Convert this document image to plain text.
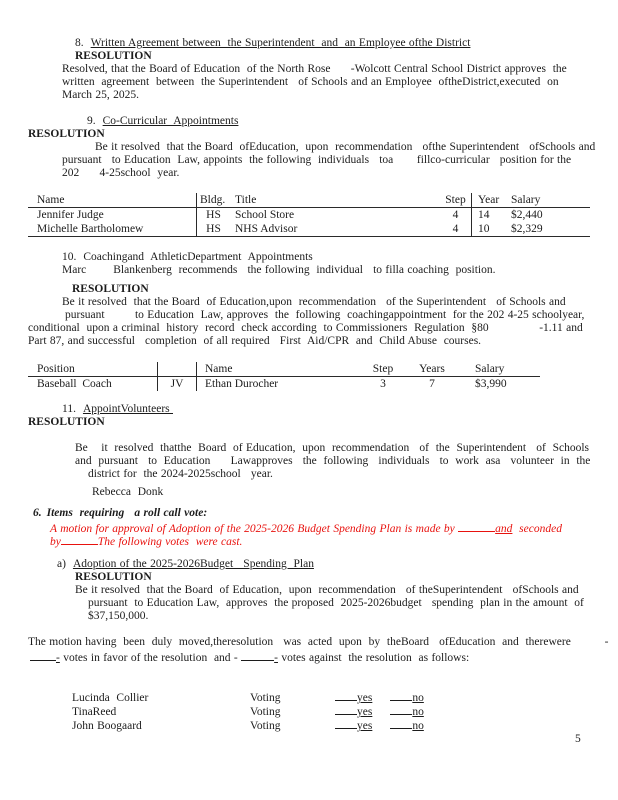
8. Written Agreement between  the Superintendent  and  an Employee ofthe District
RESOLUTION
Resolved, that the Board of Education  of the North Rose      -Wolcott Central School District approves  the
written  agreement  between  the Superintendent   of Schools and an Employee  oftheDistrict,executed  on
March 25, 2025.
9. Co-Curricular  Appointments
RESOLUTION
Be it resolved  that the Board  ofEducation,  upon  recommendation   ofthe Superintendent   ofSchools and
pursuant   to Education  Law, appoints  the following  individuals   toa       fillco-curricular   position for the
202      4-25school  year.
Name	Bldg. Title	Step	Year	Salary
Jennifer Judge	HS	School Store	4	14	$2,440
Michelle Bartholomew	HS	NHS Advisor	4	10	$2,329
10. Coachingand  AthleticDepartment  Appointments
Marc        Blankenberg  recommends   the following  individual   to filla coaching  position.
RESOLUTION
Be it resolved  that the Board  of Education,upon  recommendation   of the Superintendent   of Schools and
pursuant         to Education  Law, approves  the  following  coachingappointment  for the 202 4-25 schoolyear,
conditional  upon a criminal  history  record  check according  to Commissioners  Regulation  §80               -1.11 and
Part 87, and successful   completion  of all required   First  Aid/CPR  and  Child Abuse  courses.
Position	Name	Step	Years	Salary
Baseball  Coach	JV	Ethan Durocher	3	7	$3,990
11. AppointVolunteers
RESOLUTION
Be    it  resolved  thatthe  Board  of Education,  upon  recommendation   of  the  Superintendent   of  Schools
and  pursuant   to  Education      Lawapproves   the  following   individuals   to  work  asa   volunteer  in  the
district for  the 2024-2025school   year.
Rebecca  Donk
6. Items  requiring   a roll call vote:
A motion for approval of Adoption of the 2025-2026 Budget Spending Plan is made by	and  seconded
by	The following votes  were cast.
a) Adoption of the 2025-2026Budget   Spending  Plan
RESOLUTION
Be it resolved  that the Board  of Education,  upon  recommendation   of theSuperintendent   ofSchools and
pursuant  to Education Law,  approves  the proposed  2025-2026budget   spending  plan in the amount  of
$37,150,000.
The motion having  been  duly  moved,theresolution   was  acted  upon  by  theBoard   ofEducation  and  therewere          -
- votes in favor of the resolution  and -	- votes against  the resolution  as follows:
Lucinda  Collier	Voting	yes	no
TinaReed	Voting	yes	no
John Boogaard	Voting	yes	no
5
